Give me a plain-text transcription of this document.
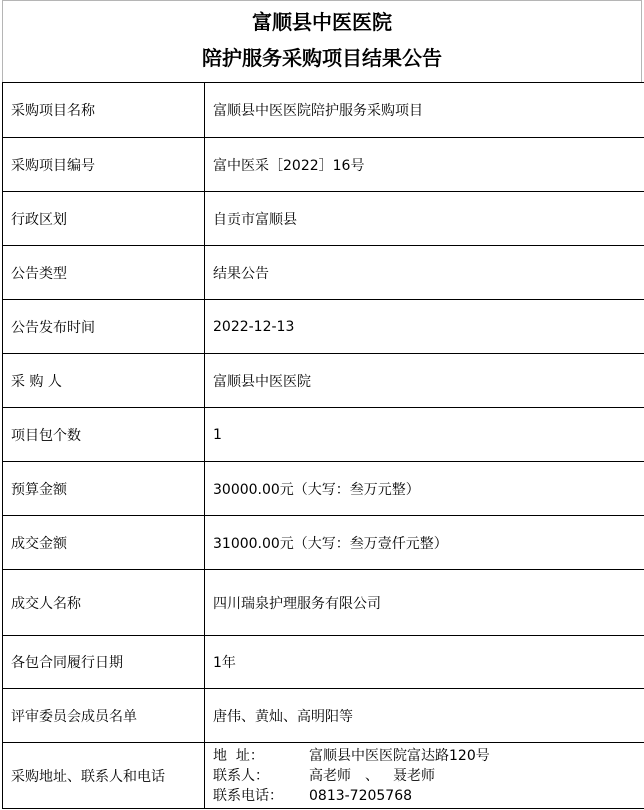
富顺县中医医院
陪护服务采购项目结果公告
采购项目名称	富顺县中医医院陪护服务采购项目
采购项目编号	富中医采［2022］16号
行政区划	自贡市富顺县
公告类型	结果公告
公告发布时间	2022-12-13
采 购 人	富顺县中医医院
项目包个数	1
预算金额	30000.00元（大写：叁万元整）
成交金额	31000.00元（大写：叁万壹仟元整）
成交人名称	四川瑞泉护理服务有限公司
各包合同履行日期	1年
评审委员会成员名单	唐伟、黄灿、高明阳等
采购地址、联系人和电话	地  址： 富顺县中医医院富达路120号
联系人： 高老师 、 聂老师
联系电话： 0813-7205768
